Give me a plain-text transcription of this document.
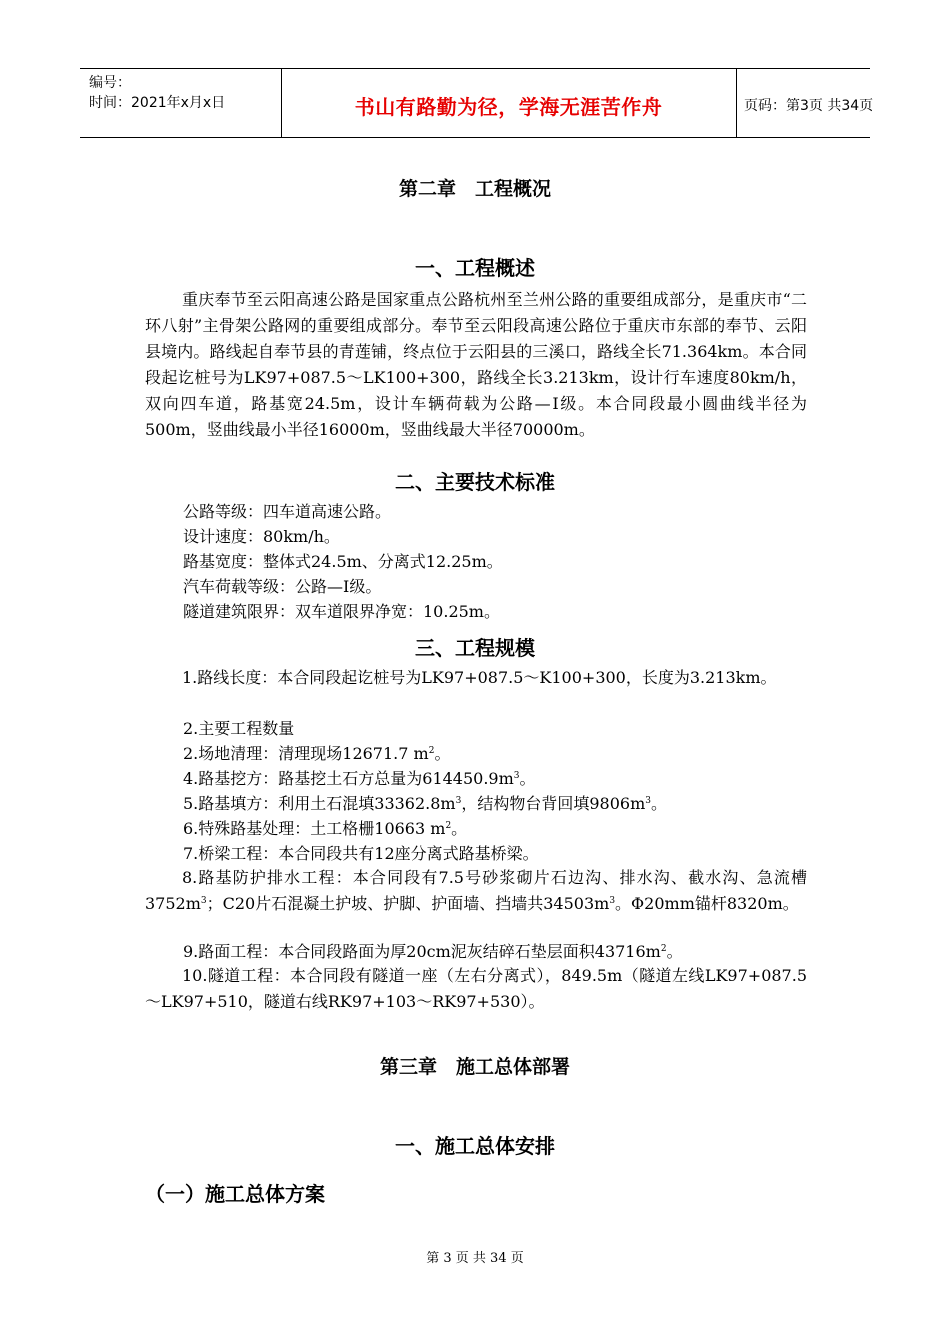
编号：
时间：2021年x月x日	书山有路勤为径，学海无涯苦作舟	页码：第3页 共34页
第二章　工程概况
一、工程概述

重庆奉节至云阳高速公路是国家重点公路杭州至兰州公路的重要组成部分，是重庆市“二环八射”主骨架公路网的重要组成部分。奉节至云阳段高速公路位于重庆市东部的奉节、云阳县境内。路线起自奉节县的青莲铺，终点位于云阳县的三溪口，路线全长71.364km。本合同段起讫桩号为LK97+087.5～LK100+300，路线全长3.213km，设计行车速度80km/h，双向四车道，路基宽24.5m，设计车辆荷载为公路—Ⅰ级。本合同段最小圆曲线半径为500m，竖曲线最小半径16000m，竖曲线最大半径70000m。

二、主要技术标准
公路等级：四车道高速公路。
设计速度：80km/h。
路基宽度：整体式24.5m、分离式12.25m。
汽车荷载等级：公路—I级。
隧道建筑限界：双车道限界净宽：10.25m。
三、工程规模

1.路线长度：本合同段起讫桩号为LK97+087.5～K100+300，长度为3.213km。

2.主要工程数量
2.场地清理：清理现场12671.7 $m^2$。
4.路基挖方：路基挖土石方总量为$614450.9m^3$。
5.路基填方：利用土石混填$33362.8m^3$，结构物台背回填$9806m^3$。
6.特殊路基处理：土工格栅10663 $m^2$。
7.桥梁工程：本合同段共有12座分离式路基桥梁。

8.路基防护排水工程：本合同段有7.5号砂浆砌片石边沟、排水沟、截水沟、急流槽$3752m^3$；C20片石混凝土护坡、护脚、护面墙、挡墙共$34503m^3$。Φ20mm锚杆8320m。

9.路面工程：本合同段路面为厚20cm泥灰结碎石垫层面积$43716m^2$。

10.隧道工程：本合同段有隧道一座（左右分离式），849.5m（隧道左线LK97+087.5～LK97+510，隧道右线RK97+103～RK97+530）。

第三章　施工总体部署
一、施工总体安排
（一）施工总体方案
第 3 页 共 34 页
